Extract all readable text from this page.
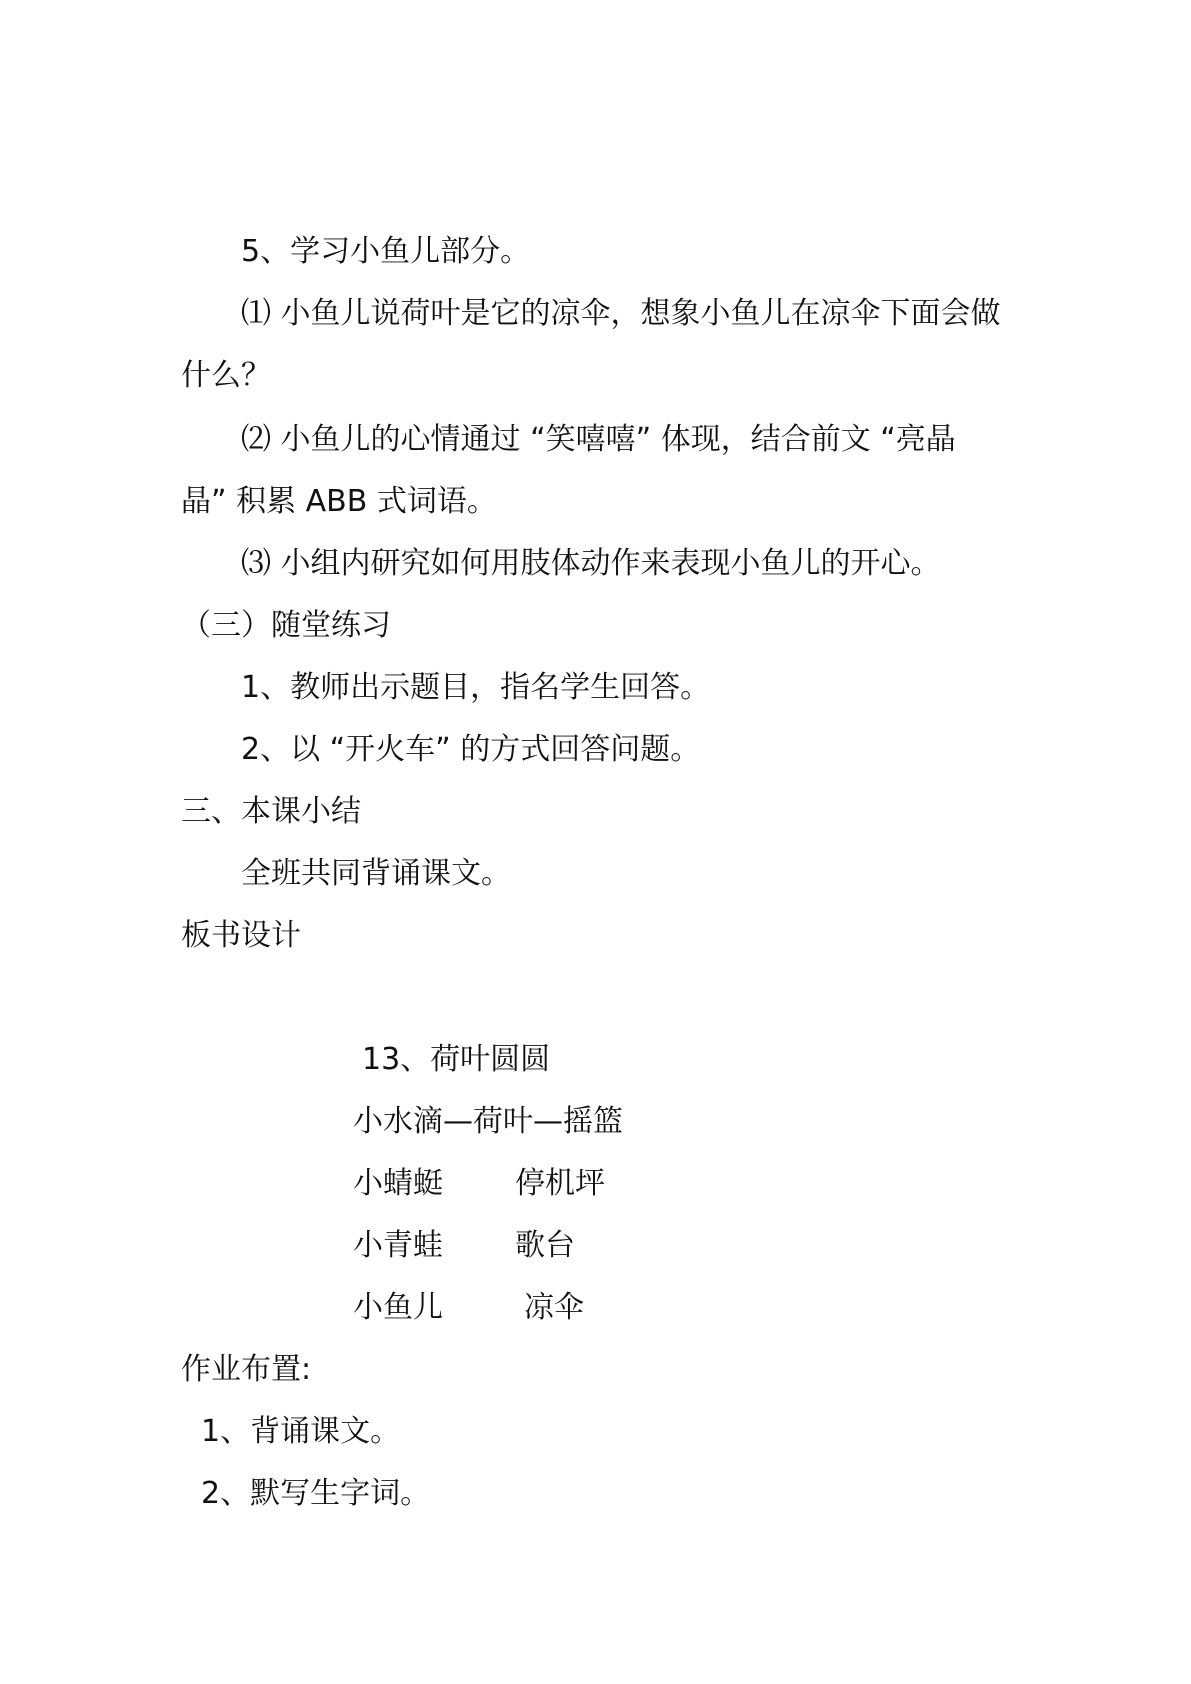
5、学习小鱼儿部分。
⑴ 小鱼儿说荷叶是它的凉伞，想象小鱼儿在凉伞下面会做
什么？
⑵ 小鱼儿的心情通过 “笑嘻嘻” 体现，结合前文 “亮晶
晶” 积累 ABB 式词语。
⑶ 小组内研究如何用肢体动作来表现小鱼儿的开心。
（三）随堂练习
1、教师出示题目，指名学生回答。
2、以 “开火车” 的方式回答问题。
三、本课小结
全班共同背诵课文。
板书设计
13、荷叶圆圆
小水滴—荷叶—摇篮
小蜻蜓 停机坪
小青蛙 歌台
小鱼儿	凉伞
作业布置:
1、背诵课文。
2、默写生字词。
